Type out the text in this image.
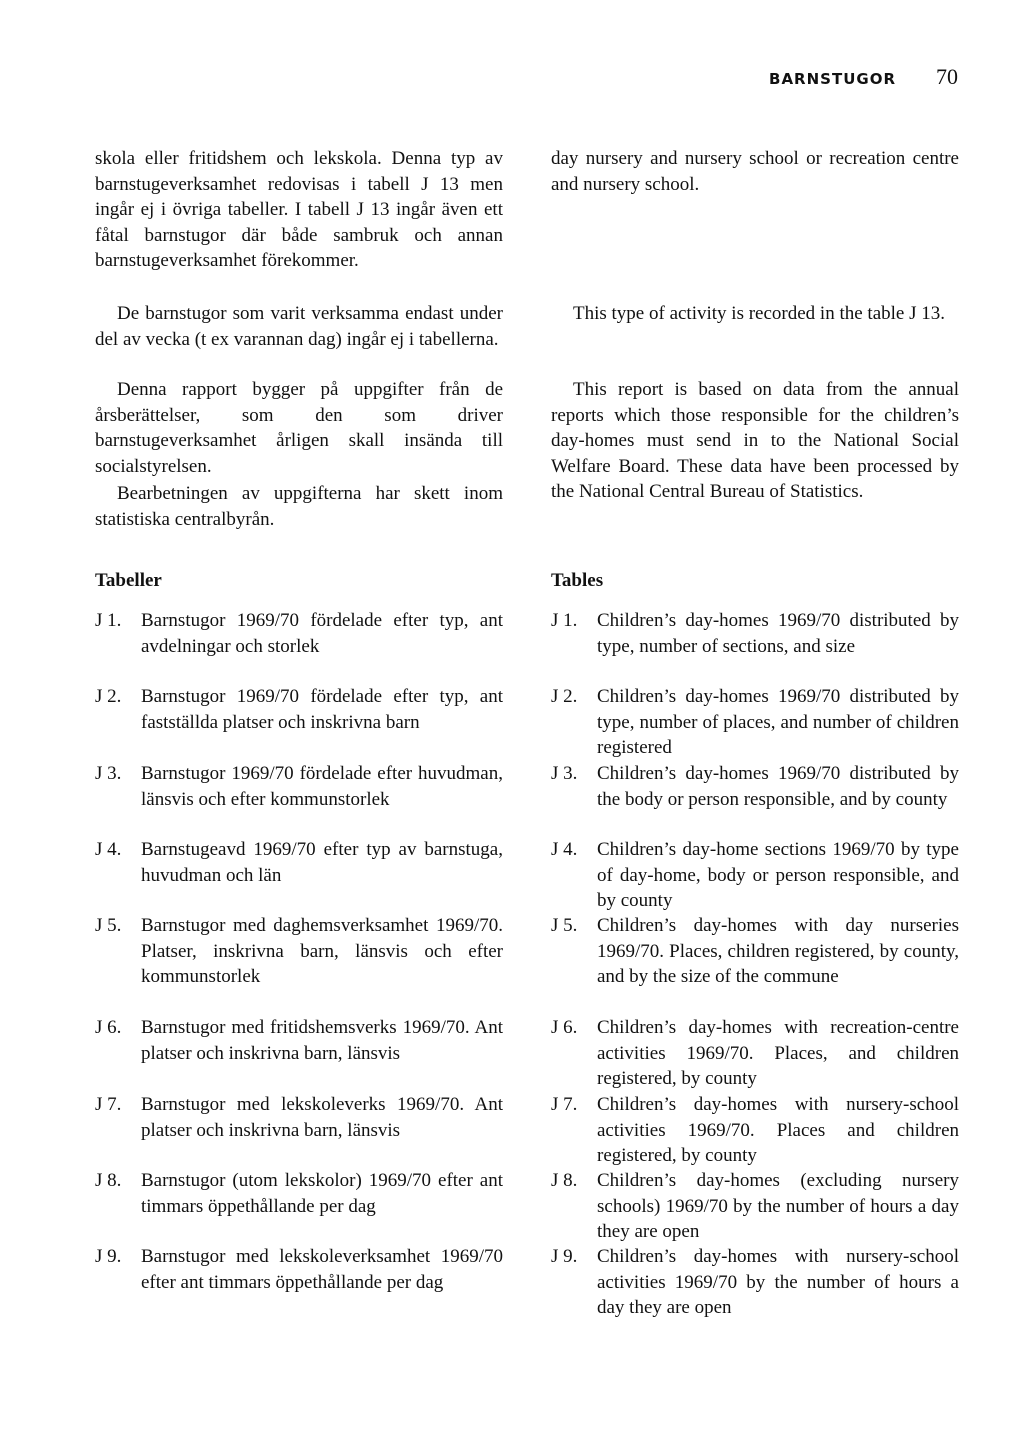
BARNSTUGOR 70

skola eller fritidshem och lekskola. Denna typ av barnstugeverksamhet redovisas i tabell J 13 men ingår ej i övriga tabeller. I tabell J 13 ingår även ett fåtal barnstugor där både sambruk och annan barnstugeverksamhet förekommer.

De barnstugor som varit verksamma endast under del av vecka (t ex varannan dag) ingår ej i tabellerna.

Denna rapport bygger på uppgifter från de årsberättelser, som den som driver barnstugeverksamhet årligen skall insända till socialstyrelsen.

Bearbetningen av uppgifterna har skett inom statistiska centralbyrån.

Tabeller
J 1.	Barnstugor 1969/70 fördelade efter typ, ant avdelningar och storlek
J 2.	Barnstugor 1969/70 fördelade efter typ, ant fastställda platser och inskrivna barn
J 3.	Barnstugor 1969/70 fördelade efter huvudman, länsvis och efter kommunstorlek
J 4.	Barnstugeavd 1969/70 efter typ av barnstuga, huvudman och län
J 5.	Barnstugor med daghemsverksamhet 1969/70. Platser, inskrivna barn, länsvis och efter kommunstorlek
J 6.	Barnstugor med fritidshemsverks 1969/70. Ant platser och inskrivna barn, länsvis
J 7.	Barnstugor med lekskoleverks 1969/70. Ant platser och inskrivna barn, länsvis
J 8.	Barnstugor (utom lekskolor) 1969/70 efter ant timmars öppethållande per dag
J 9.	Barnstugor med lekskoleverksamhet 1969/70 efter ant timmars öppethållande per dag

day nursery and nursery school or recreation centre and nursery school.

This type of activity is recorded in the table J 13.

This report is based on data from the annual reports which those responsible for the children’s day-homes must send in to the National Social Welfare Board. These data have been processed by the National Central Bureau of Statistics.

Tables
J 1.	Children’s day-homes 1969/70 distributed by type, number of sections, and size
J 2.	Children’s day-homes 1969/70 distributed by type, number of places, and number of children registered
J 3.	Children’s day-homes 1969/70 distributed by the body or person responsible, and by county
J 4.	Children’s day-home sections 1969/70 by type of day-home, body or person responsible, and by county
J 5.	Children’s day-homes with day nurseries 1969/70. Places, children registered, by county, and by the size of the commune
J 6.	Children’s day-homes with recreation-centre activities 1969/70. Places, and children registered, by county
J 7.	Children’s day-homes with nursery-school activities 1969/70. Places and children registered, by county
J 8.	Children’s day-homes (excluding nursery schools) 1969/70 by the number of hours a day they are open
J 9.	Children’s day-homes with nursery-school activities 1969/70 by the number of hours a day they are open
